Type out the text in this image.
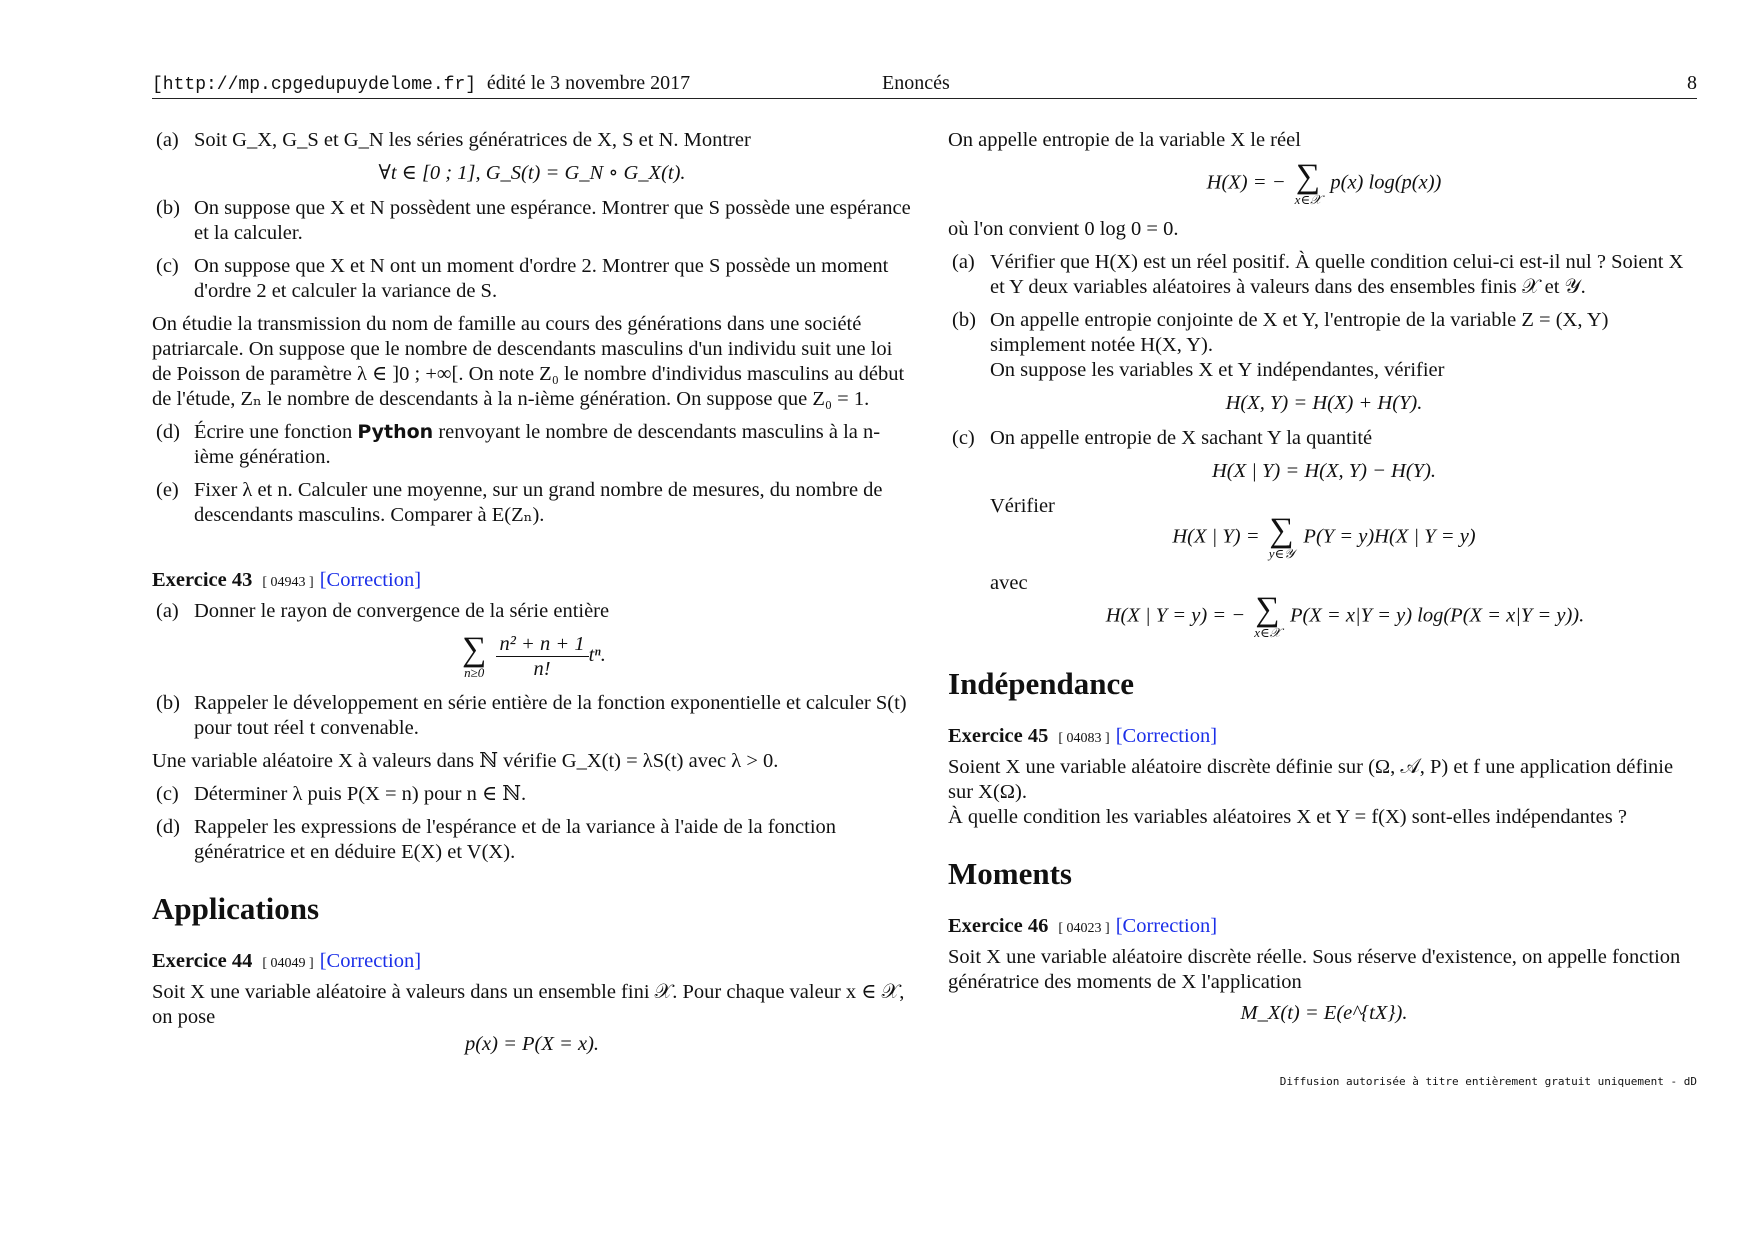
[http://mp.cpgedupuydelome.fr] édité le 3 novembre 2017	Enoncés	8
(a) Soit G_X, G_S et G_N les séries génératrices de X, S et N. Montrer
∀t ∈ [0 ; 1], G_S(t) = G_N ∘ G_X(t).
(b) On suppose que X et N possèdent une espérance. Montrer que S possède une espérance et la calculer.
(c) On suppose que X et N ont un moment d'ordre 2. Montrer que S possède un moment d'ordre 2 et calculer la variance de S.
On étudie la transmission du nom de famille au cours des générations dans une société patriarcale. On suppose que le nombre de descendants masculins d'un individu suit une loi de Poisson de paramètre λ ∈ ]0 ; +∞[. On note Z₀ le nombre d'individus masculins au début de l'étude, Zₙ le nombre de descendants à la n-ième génération. On suppose que Z₀ = 1.
(d) Écrire une fonction Python renvoyant le nombre de descendants masculins à la n-ième génération.
(e) Fixer λ et n. Calculer une moyenne, sur un grand nombre de mesures, du nombre de descendants masculins. Comparer à E(Zₙ).
Exercice 43 [ 04943 ] [Correction]
(a) Donner le rayon de convergence de la série entière
∑
n≥0
$\frac{\text{n² + n + 1}}{n!} t^n$.
(b) Rappeler le développement en série entière de la fonction exponentielle et calculer S(t) pour tout réel t convenable.
Une variable aléatoire X à valeurs dans ℕ vérifie G_X(t) = λS(t) avec λ > 0.
(c) Déterminer λ puis P(X = n) pour n ∈ ℕ.
(d) Rappeler les expressions de l'espérance et de la variance à l'aide de la fonction génératrice et en déduire E(X) et V(X).
Applications
Exercice 44 [ 04049 ] [Correction]
Soit X une variable aléatoire à valeurs dans un ensemble fini 𝒳. Pour chaque valeur x ∈ 𝒳, on pose
p(x) = P(X = x).
On appelle entropie de la variable X le réel
H(X) = − ∑
x∈𝒳
p(x) log(p(x))
où l'on convient 0 log 0 = 0.
(a) Vérifier que H(X) est un réel positif. À quelle condition celui-ci est-il nul ? Soient X et Y deux variables aléatoires à valeurs dans des ensembles finis 𝒳 et 𝒴.
(b) On appelle entropie conjointe de X et Y, l'entropie de la variable Z = (X, Y) simplement notée H(X, Y).
On suppose les variables X et Y indépendantes, vérifier
H(X, Y) = H(X) + H(Y).
(c) On appelle entropie de X sachant Y la quantité
H(X | Y) = H(X, Y) − H(Y).
Vérifier
H(X | Y) = ∑
y∈𝒴
P(Y = y)H(X | Y = y)
avec
H(X | Y = y) = − ∑
x∈𝒳
P(X = x|Y = y) log(P(X = x|Y = y)).
Indépendance
Exercice 45 [ 04083 ] [Correction]
Soient X une variable aléatoire discrète définie sur (Ω, 𝒜, P) et f une application définie sur X(Ω).
À quelle condition les variables aléatoires X et Y = f(X) sont-elles indépendantes ?
Moments
Exercice 46 [ 04023 ] [Correction]
Soit X une variable aléatoire discrète réelle. Sous réserve d'existence, on appelle fonction génératrice des moments de X l'application
M_X(t) = E(e^{tX}).
Diffusion autorisée à titre entièrement gratuit uniquement - dD
